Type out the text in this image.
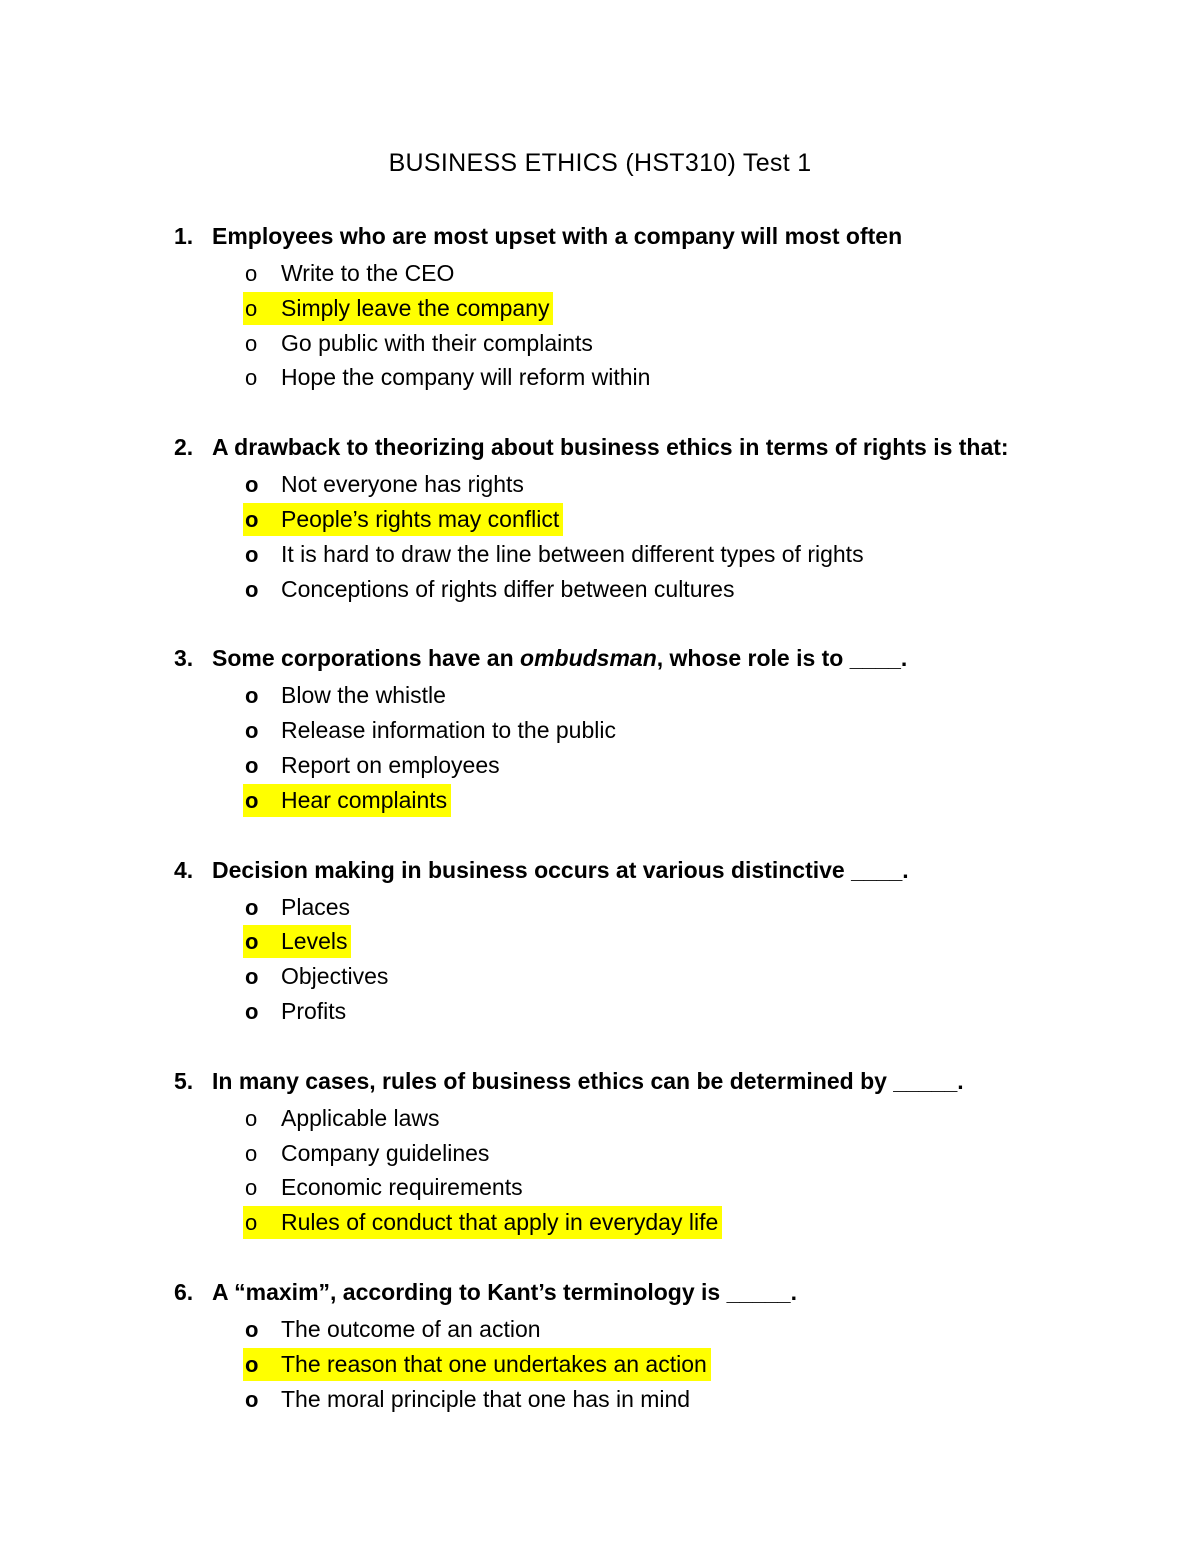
BUSINESS ETHICS (HST310) Test 1
1. Employees who are most upset with a company will most often
o Write to the CEO
o Simply leave the company
o Go public with their complaints
o Hope the company will reform within
2. A drawback to theorizing about business ethics in terms of rights is that:
o Not everyone has rights
o People’s rights may conflict
o It is hard to draw the line between different types of rights
o Conceptions of rights differ between cultures
3. Some corporations have an ombudsman, whose role is to ____.
o Blow the whistle
o Release information to the public
o Report on employees
o Hear complaints
4. Decision making in business occurs at various distinctive ____.
o Places
o Levels
o Objectives
o Profits
5. In many cases, rules of business ethics can be determined by _____.
o Applicable laws
o Company guidelines
o Economic requirements
o Rules of conduct that apply in everyday life
6. A “maxim”, according to Kant’s terminology is _____.
o The outcome of an action
o The reason that one undertakes an action
o The moral principle that one has in mind
